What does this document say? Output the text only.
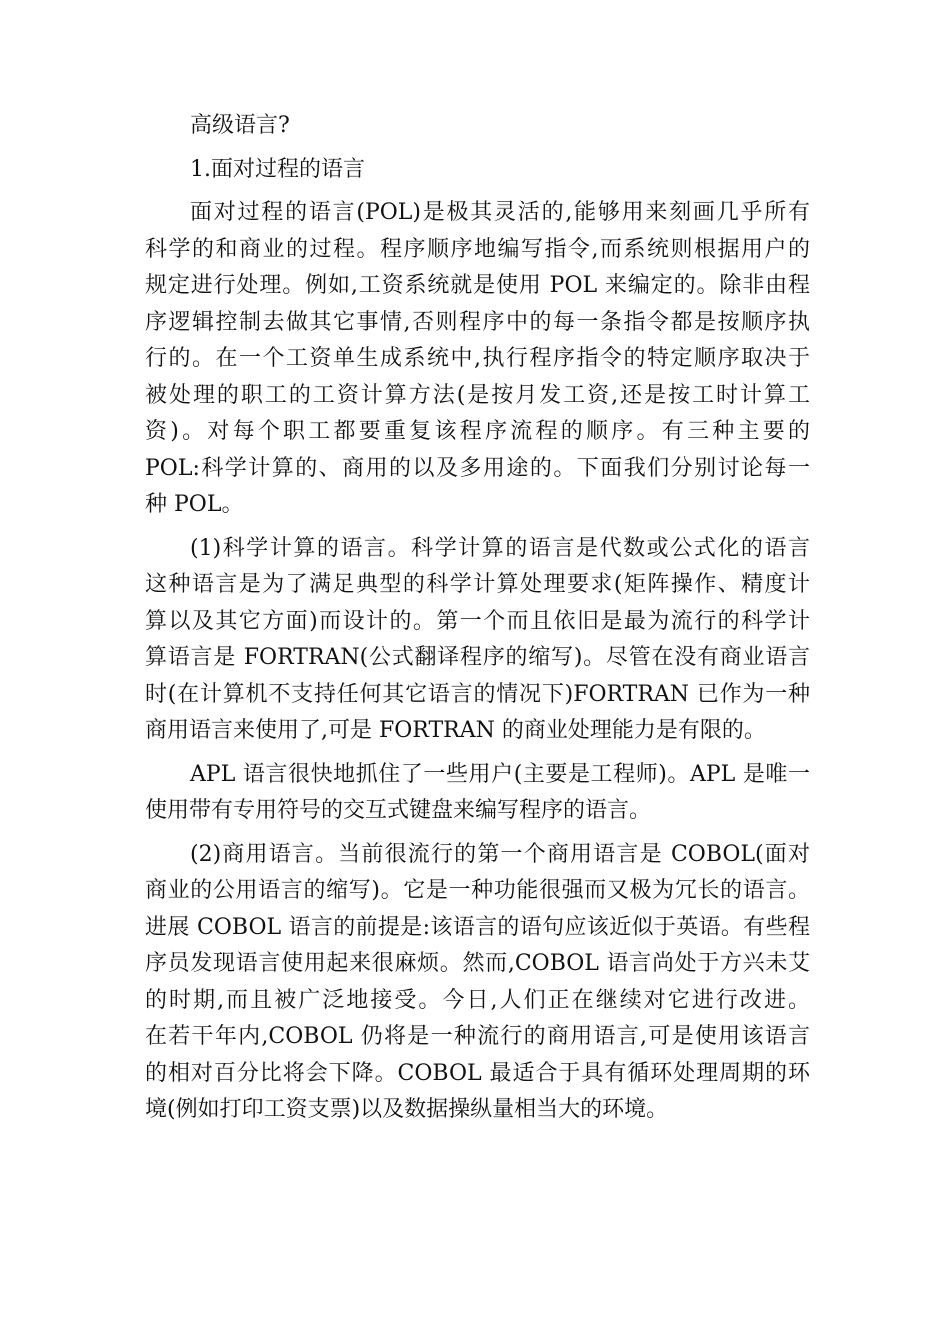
高级语言?
1.面对过程的语言
面对过程的语言(POL)是极其灵活的,能够用来刻画几乎所有
科学的和商业的过程。程序顺序地编写指令,而系统则根据用户的
规定进行处理。例如,工资系统就是使用 POL 来编定的。除非由程
序逻辑控制去做其它事情,否则程序中的每一条指令都是按顺序执
行的。在一个工资单生成系统中,执行程序指令的特定顺序取决于
被处理的职工的工资计算方法(是按月发工资,还是按工时计算工
资)。对每个职工都要重复该程序流程的顺序。有三种主要的
POL:科学计算的、商用的以及多用途的。下面我们分别讨论每一
种 POL。
(1)科学计算的语言。科学计算的语言是代数或公式化的语言
这种语言是为了满足典型的科学计算处理要求(矩阵操作、精度计
算以及其它方面)而设计的。第一个而且依旧是最为流行的科学计
算语言是 FORTRAN(公式翻译程序的缩写)。尽管在没有商业语言
时(在计算机不支持任何其它语言的情况下)FORTRAN 已作为一种
商用语言来使用了,可是 FORTRAN 的商业处理能力是有限的。
APL 语言很快地抓住了一些用户(主要是工程师)。APL 是唯一
使用带有专用符号的交互式键盘来编写程序的语言。
(2)商用语言。当前很流行的第一个商用语言是 COBOL(面对
商业的公用语言的缩写)。它是一种功能很强而又极为冗长的语言。
进展 COBOL 语言的前提是:该语言的语句应该近似于英语。有些程
序员发现语言使用起来很麻烦。然而,COBOL 语言尚处于方兴未艾
的时期,而且被广泛地接受。今日,人们正在继续对它进行改进。
在若干年内,COBOL 仍将是一种流行的商用语言,可是使用该语言
的相对百分比将会下降。COBOL 最适合于具有循环处理周期的环
境(例如打印工资支票)以及数据操纵量相当大的环境。
